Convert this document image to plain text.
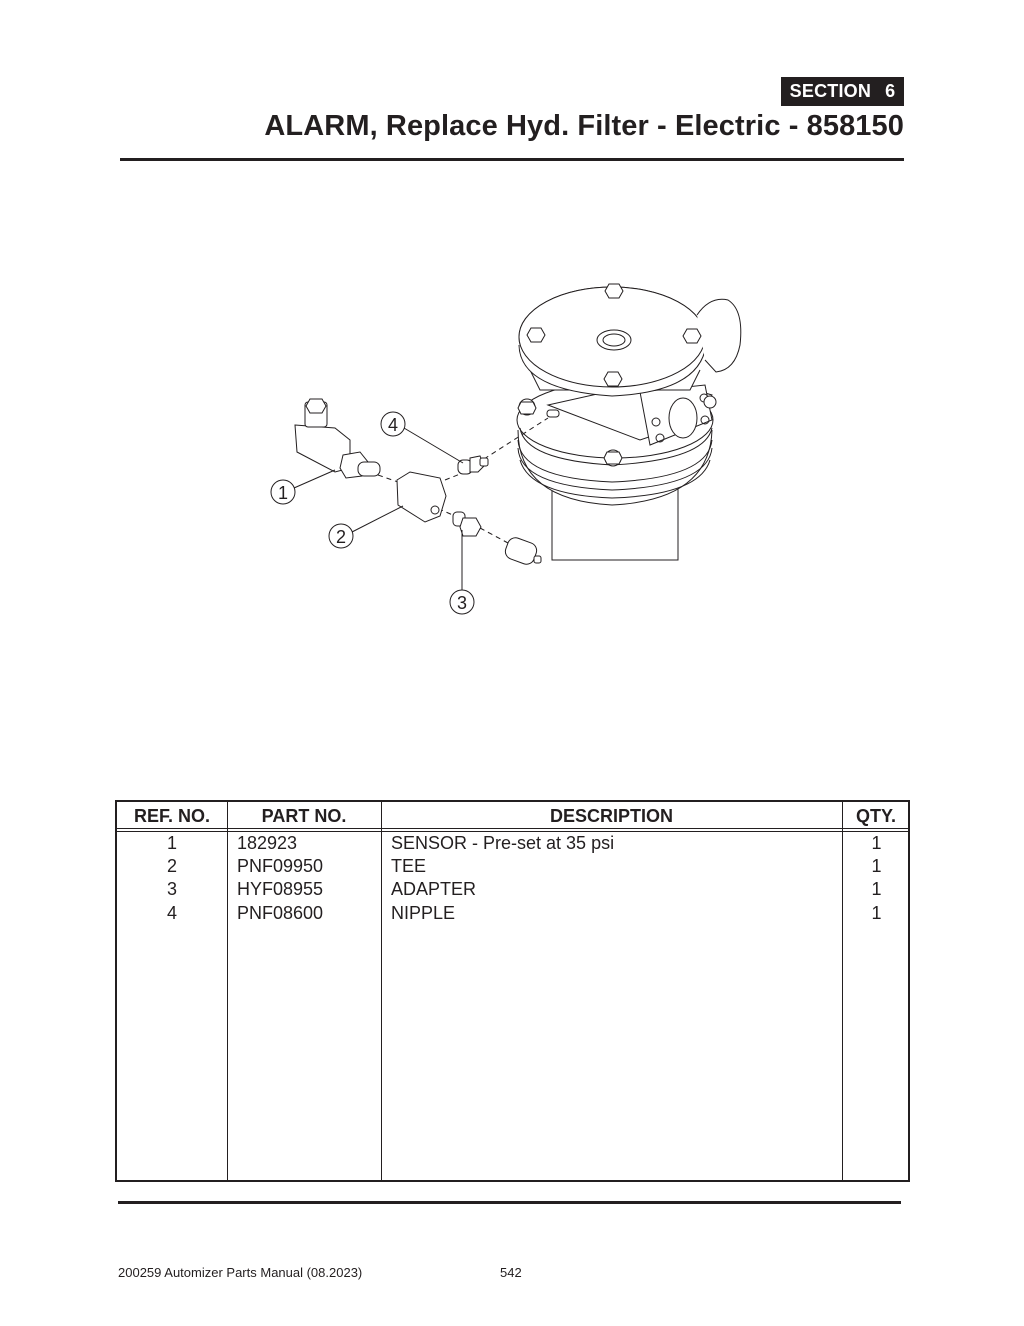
SECTION 6
ALARM, Replace Hyd. Filter - Electric - 858150
1
2
3
4
REF. NO.	PART NO.	DESCRIPTION	QTY.
1	182923	SENSOR - Pre-set at 35 psi	1
2	PNF09950	TEE	1
3	HYF08955	ADAPTER	1
4	PNF08600	NIPPLE	1
200259 Automizer Parts Manual (08.2023)	542
